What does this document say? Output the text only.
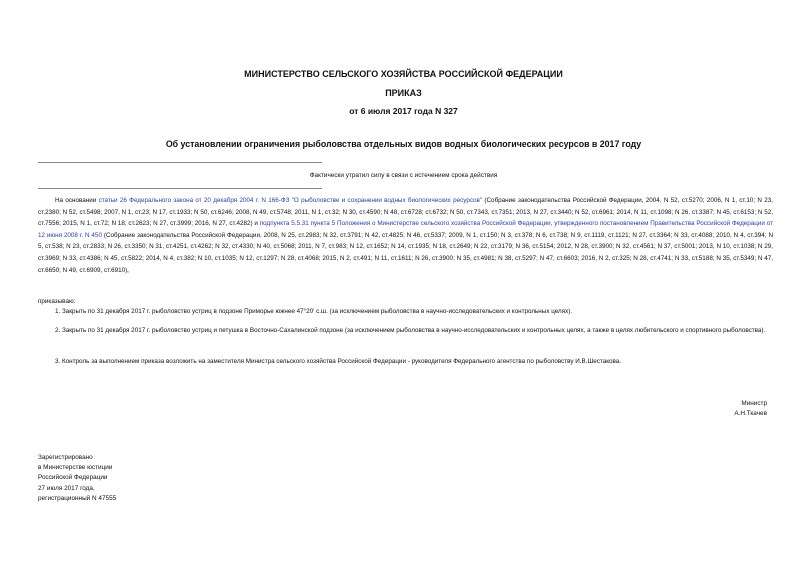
МИНИСТЕРСТВО СЕЛЬСКОГО ХОЗЯЙСТВА РОССИЙСКОЙ ФЕДЕРАЦИИ
ПРИКАЗ
от 6 июля 2017 года N 327
Об установлении ограничения рыболовства отдельных видов водных биологических ресурсов в 2017 году
Фактически утратил силу в связи с истечением срока действия
На основании статьи 26 Федерального закона от 20 декабря 2004 г. N 166-ФЗ "О рыболовстве и сохранении водных биологических ресурсов" (Собрание законодательства Российской Федерации, 2004, N 52, ст.5270; 2006, N 1, ст.10; N 23, ст.2380; N 52, ст.5498; 2007, N 1, ст.23; N 17, ст.1933; N 50, ст.6246; 2008, N 49, ст.5748; 2011, N 1, ст.32; N 30, ст.4590; N 48, ст.6728; ст.6732; N 50, ст.7343, ст.7351; 2013, N 27, ст.3440; N 52, ст.6961; 2014, N 11, ст.1098; N 26, ст.3387; N 45, ст.6153; N 52, ст.7556; 2015, N 1, ст.72; N 18, ст.2623; N 27, ст.3999; 2016, N 27, ст.4282) и подпункта 5.5.31 пункта 5 Положения о Министерстве сельского хозяйства Российской Федерации, утвержденного постановлением Правительства Российской Федерации от 12 июня 2008 г. N 450 (Собрание законодательства Российской Федерации, 2008, N 25, ст.2983; N 32, ст.3791; N 42, ст.4825; N 46, ст.5337; 2009, N 1, ст.150; N 3, ст.378; N 6, ст.738; N 9, ст.1119, ст.1121; N 27, ст.3364; N 33, ст.4088; 2010, N 4, ст.394; N 5, ст.538; N 23, ст.2833; N 26, ст.3350; N 31, ст.4251, ст.4262; N 32, ст.4330; N 40, ст.5068; 2011, N 7, ст.983; N 12, ст.1652; N 14, ст.1935; N 18, ст.2649; N 22, ст.3179; N 36, ст.5154; 2012, N 28, ст.3900; N 32, ст.4561; N 37, ст.5001; 2013, N 10, ст.1038; N 29, ст.3969; N 33, ст.4386; N 45, ст.5822; 2014, N 4, ст.382; N 10, ст.1035; N 12, ст.1297; N 28, ст.4068; 2015, N 2, ст.491; N 11, ст.1611; N 26, ст.3900; N 35, ст.4981; N 38, ст.5297; N 47, ст.6603; 2016, N 2, ст.325; N 28, ст.4741; N 33, ст.5188; N 35, ст.5349; N 47, ст.6650; N 49, ст.6909, ст.6910),
приказываю:
1. Закрыть по 31 декабря 2017 г. рыболовство устриц в подзоне Приморье южнее 47°20' с.ш. (за исключением рыболовства в научно-исследовательских и контрольных целях).
2. Закрыть по 31 декабря 2017 г. рыболовство устриц и петушка в Восточно-Сахалинской подзоне (за исключением рыболовства в научно-исследовательских и контрольных целях, а также в целях любительского и спортивного рыболовства).
3. Контроль за выполнением приказа возложить на заместителя Министра сельского хозяйства Российской Федерации - руководителя Федерального агентства по рыболовству И.В.Шестакова.
Министр
А.Н.Ткачев
Зарегистрировано
в Министерстве юстиции
Российской Федерации
27 июля 2017 года,
регистрационный N 47555
